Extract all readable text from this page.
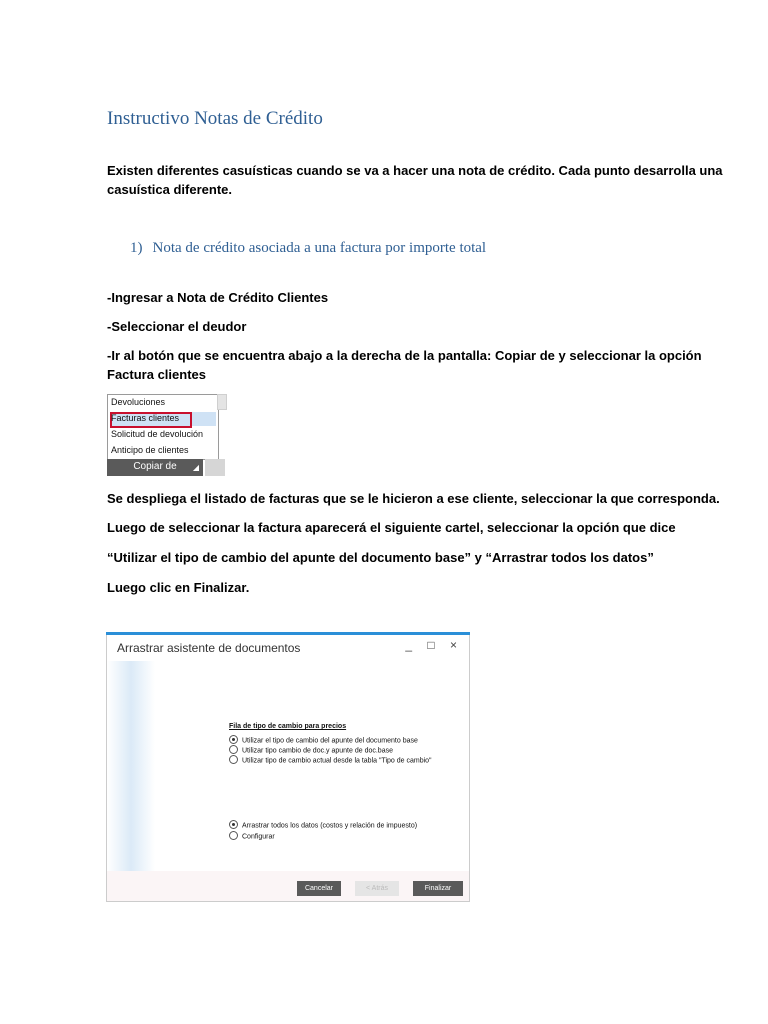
Instructivo Notas de Crédito
Existen diferentes casuísticas cuando se va a hacer una nota de crédito. Cada punto desarrolla una
casuística diferente.
1) Nota de crédito asociada a una factura por importe total
-Ingresar a Nota de Crédito Clientes
-Seleccionar el deudor
-Ir al botón que se encuentra abajo a la derecha de la pantalla: Copiar de y seleccionar la opción
Factura clientes
Devoluciones
Facturas clientes
Solicitud de devolución
Anticipo de clientes
Copiar de ◢
Se despliega el listado de facturas que se le hicieron a ese cliente, seleccionar la que corresponda.
Luego de seleccionar la factura aparecerá el siguiente cartel, seleccionar la opción que dice
“Utilizar el tipo de cambio del apunte del documento base” y “Arrastrar todos los datos”
Luego clic en Finalizar.
Arrastrar asistente de documentos	_ □ ×
Fila de tipo de cambio para precios
Utilizar el tipo de cambio del apunte del documento base
Utilizar tipo cambio de doc.y apunte de doc.base
Utilizar tipo de cambio actual desde la tabla "Tipo de cambio"
Arrastrar todos los datos (costos y relación de impuesto)
Configurar
Cancelar	< Atrás	Finalizar
